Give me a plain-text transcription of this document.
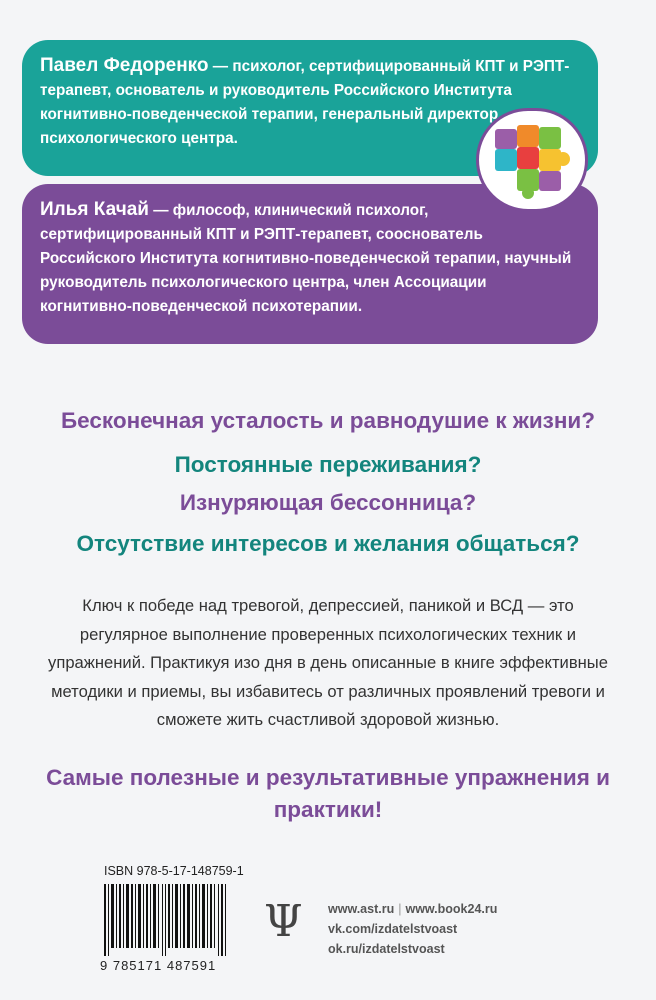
Павел Федоренко — психолог, сертифицированный КПТ и РЭПТ-терапевт, основатель и руководитель Российского Института когнитивно-поведенческой терапии, генеральный директор психологического центра.
Илья Качай — философ, клинический психолог, сертифицированный КПТ и РЭПТ-терапевт, сооснователь Российского Института когнитивно-поведенческой терапии, научный руководитель психологического центра, член Ассоциации когнитивно-поведенческой психотерапии.
Бесконечная усталость и равнодушие к жизни?
Постоянные переживания?
Изнуряющая бессонница?
Отсутствие интересов и желания общаться?
Ключ к победе над тревогой, депрессией, паникой и ВСД — это регулярное выполнение проверенных психологических техник и упражнений. Практикуя изо дня в день описанные в книге эффективные методики и приемы, вы избавитесь от различных проявлений тревоги и сможете жить счастливой здоровой жизнью.
Самые полезные и результативные упражнения и практики!
ISBN 978-5-17-148759-1
9 785171 487591
Ψ www.ast.ru | www.book24.ru
vk.com/izdatelstvoast
ok.ru/izdatelstvoast
